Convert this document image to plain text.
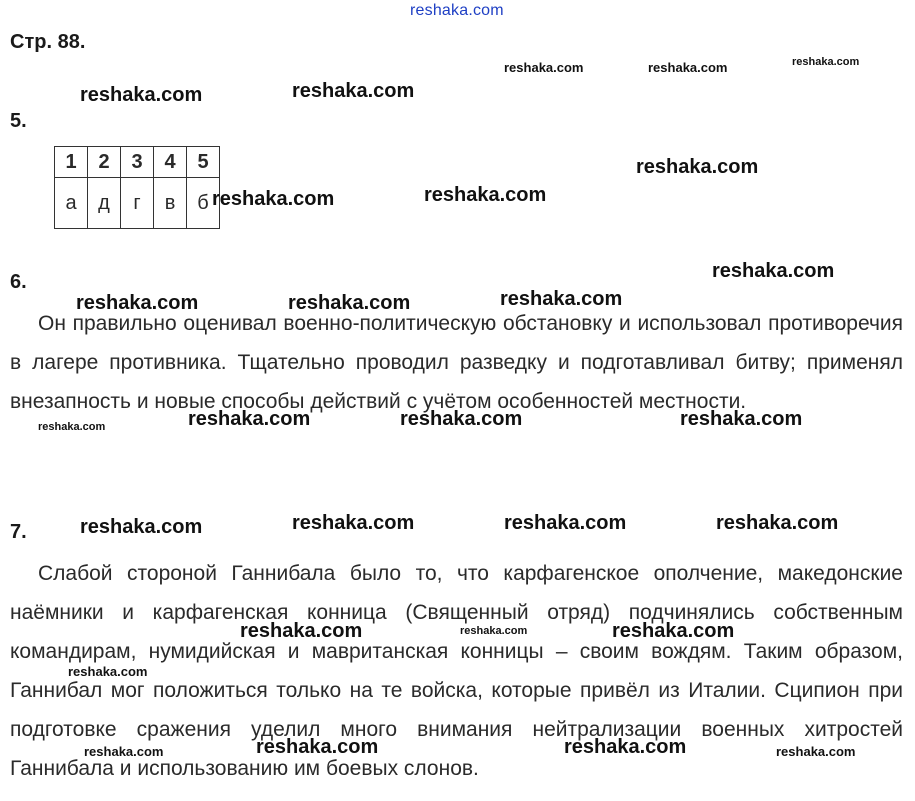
reshaka.com
Стр. 88.
5.
1	2	3	4	5
а	д	г	в	б
6.
Он правильно оценивал военно-политическую обстановку и использовал противоречия в лагере противника. Тщательно проводил разведку и подготавливал битву; применял внезапность и новые способы действий с учётом особенностей местности.
7.
Слабой стороной Ганнибала было то, что карфагенское ополчение, македонские наёмники и карфагенская конница (Священный отряд) подчинялись собственным командирам, нумидийская и мавританская конницы – своим вождям. Таким образом, Ганнибал мог положиться только на те войска, которые привёл из Италии. Сципион при подготовке сражения уделил много внимания нейтрализации военных хитростей Ганнибала и использованию им боевых слонов.
reshaka.com	reshaka.com	reshaka.com
reshaka.com	reshaka.com
reshaka.com
reshaka.com
reshaka.com
reshaka.com
reshaka.com	reshaka.com	reshaka.com
reshaka.com	reshaka.com	reshaka.com	reshaka.com
reshaka.com	reshaka.com	reshaka.com	reshaka.com
reshaka.com	reshaka.com	reshaka.com
reshaka.com
reshaka.com	reshaka.com
reshaka.com	reshaka.com
